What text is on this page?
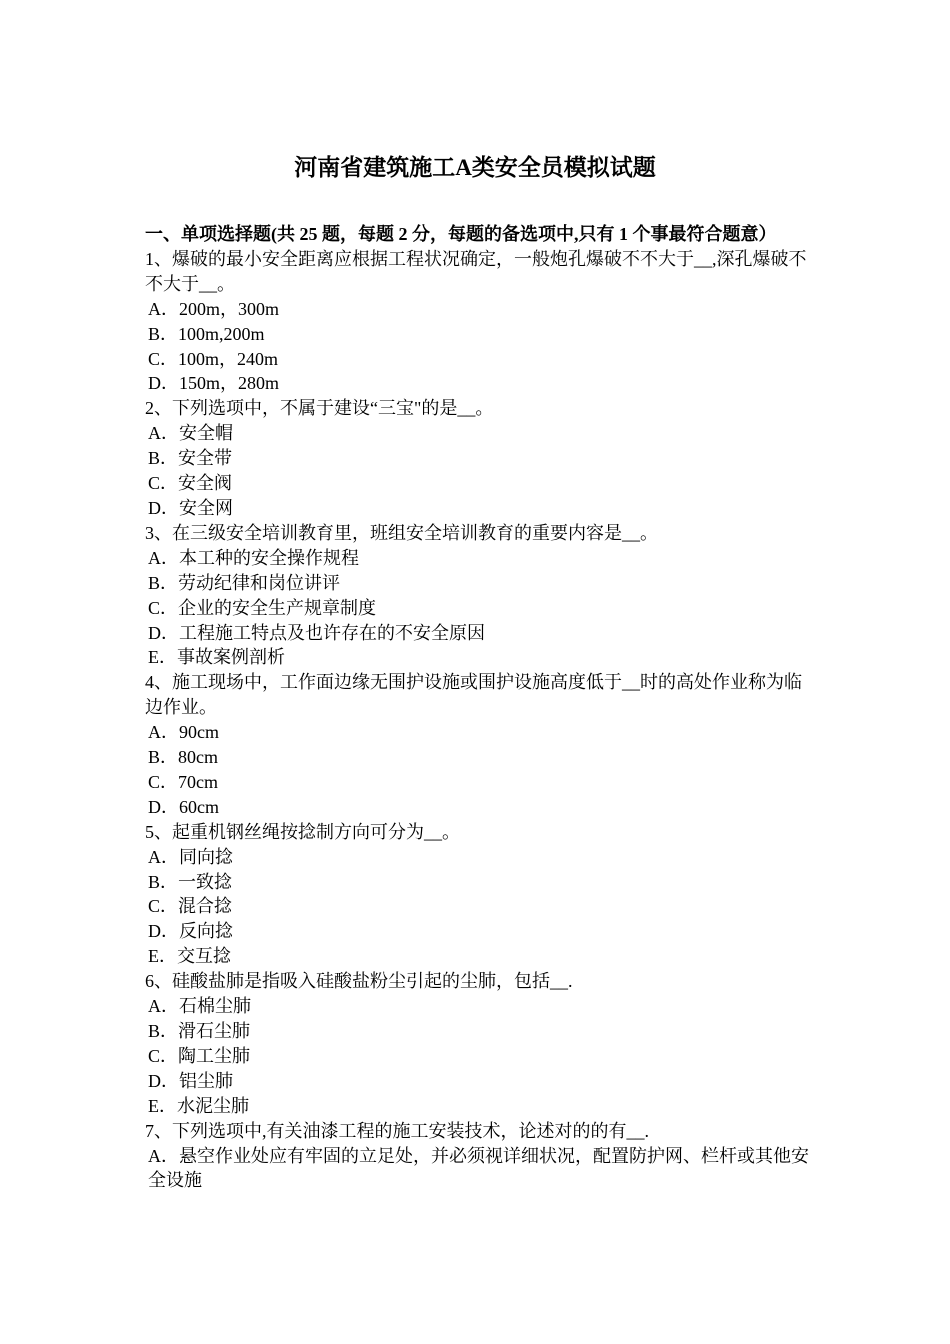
河南省建筑施工A类安全员模拟试题

一、单项选择题(共 25 题，每题 2 分，每题的备选项中,只有 1 个事最符合题意）

1、爆破的最小安全距离应根据工程状况确定，一般炮孔爆破不不大于__,深孔爆破不不大于__。

A．200m，300m

B．100m,200m

C．100m，240m

D．150m，280m

2、下列选项中，不属于建设“三宝"的是__。

A．安全帽

B．安全带

C．安全阀

D．安全网

3、在三级安全培训教育里，班组安全培训教育的重要内容是__。

A．本工种的安全操作规程

B．劳动纪律和岗位讲评

C．企业的安全生产规章制度

D．工程施工特点及也许存在的不安全原因

E．事故案例剖析

4、施工现场中，工作面边缘无围护设施或围护设施高度低于__时的高处作业称为临边作业。

A．90cm

B．80cm

C．70cm

D．60cm

5、起重机钢丝绳按捻制方向可分为__。

A．同向捻

B．一致捻

C．混合捻

D．反向捻

E．交互捻

6、硅酸盐肺是指吸入硅酸盐粉尘引起的尘肺，包括__.

A．石棉尘肺

B．滑石尘肺

C．陶工尘肺

D．铝尘肺

E．水泥尘肺

7、下列选项中,有关油漆工程的施工安装技术，论述对的的有__.

A．悬空作业处应有牢固的立足处，并必须视详细状况，配置防护网、栏杆或其他安全设施
